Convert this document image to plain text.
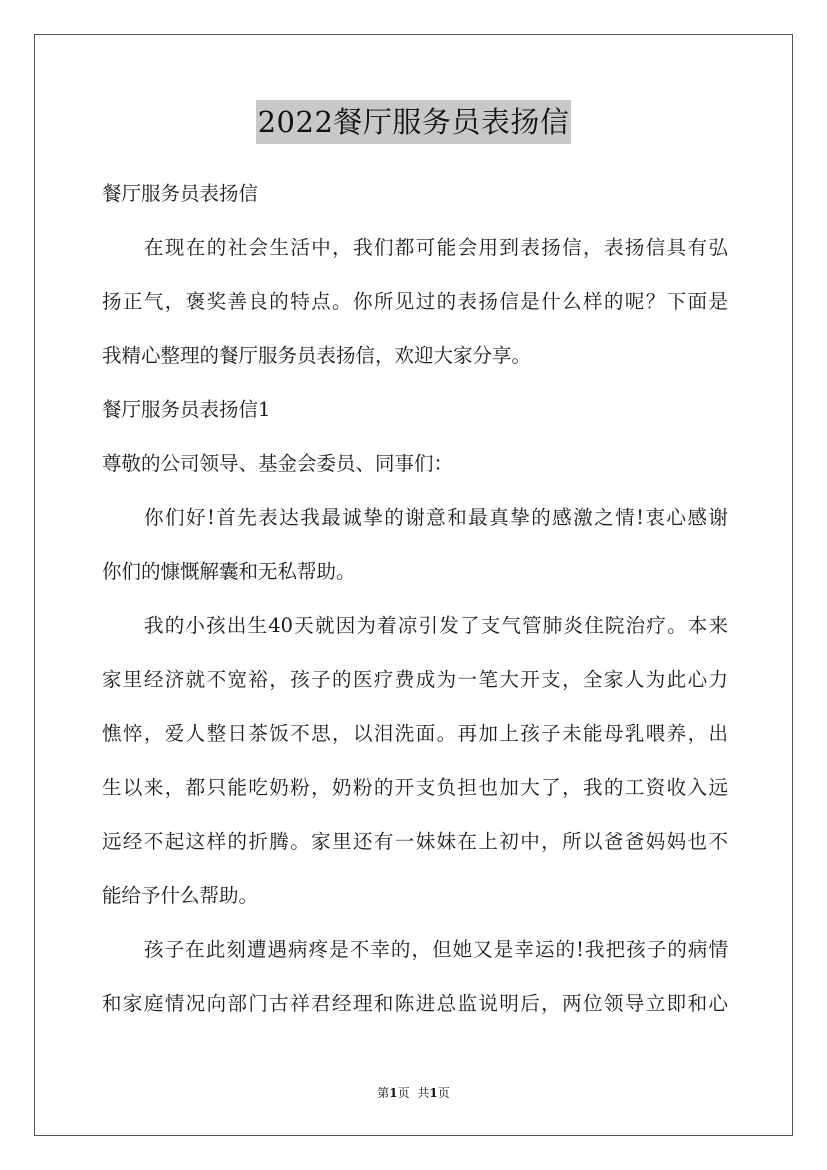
2022餐厅服务员表扬信
餐厅服务员表扬信
在现在的社会生活中，我们都可能会用到表扬信，表扬信具有弘
扬正气，褒奖善良的特点。你所见过的表扬信是什么样的呢？下面是
我精心整理的餐厅服务员表扬信，欢迎大家分享。
餐厅服务员表扬信1
尊敬的公司领导、基金会委员、同事们：
你们好!首先表达我最诚挚的谢意和最真挚的感激之情!衷心感谢
你们的慷慨解囊和无私帮助。
我的小孩出生40天就因为着凉引发了支气管肺炎住院治疗。本来
家里经济就不宽裕，孩子的医疗费成为一笔大开支，全家人为此心力
憔悴，爱人整日茶饭不思，以泪洗面。再加上孩子未能母乳喂养，出
生以来，都只能吃奶粉，奶粉的开支负担也加大了，我的工资收入远
远经不起这样的折腾。家里还有一妹妹在上初中，所以爸爸妈妈也不
能给予什么帮助。
孩子在此刻遭遇病疼是不幸的，但她又是幸运的!我把孩子的病情
和家庭情况向部门古祥君经理和陈进总监说明后，两位领导立即和心
第1页 共1页
